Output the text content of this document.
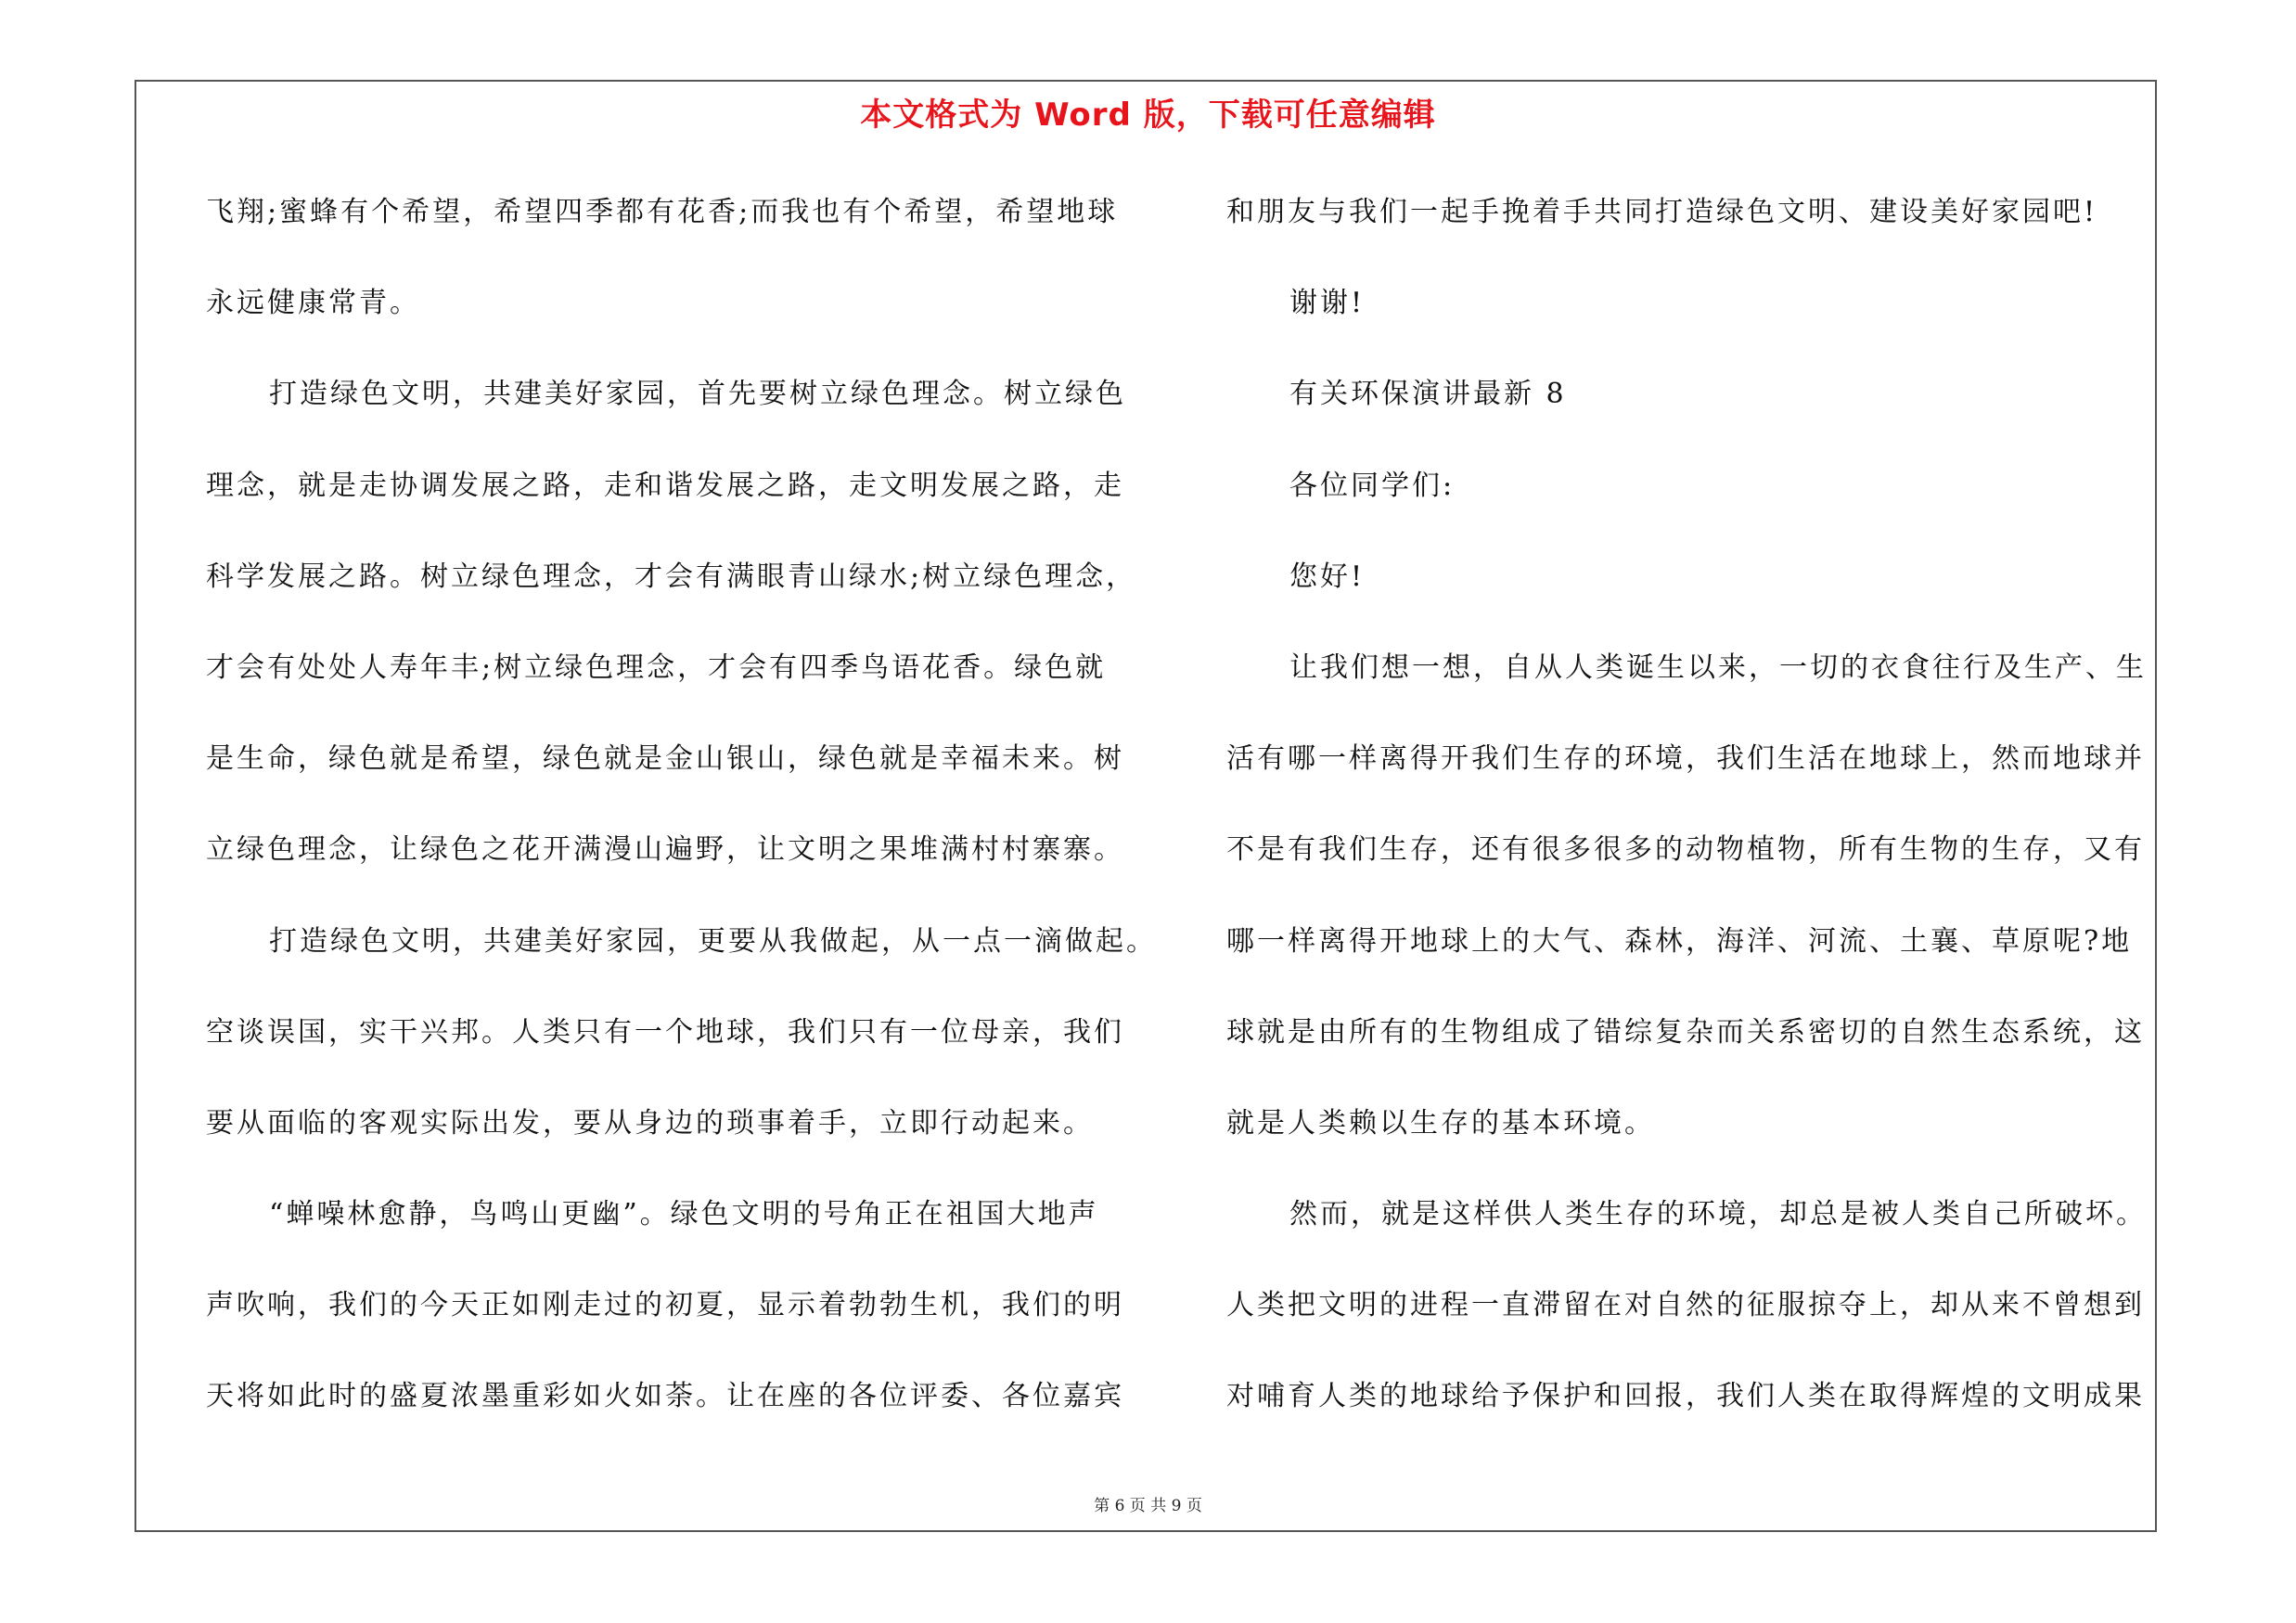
本文格式为 Word 版，下载可任意编辑
飞翔;蜜蜂有个希望，希望四季都有花香;而我也有个希望，希望地球
永远健康常青。
打造绿色文明，共建美好家园，首先要树立绿色理念。树立绿色
理念，就是走协调发展之路，走和谐发展之路，走文明发展之路，走
科学发展之路。树立绿色理念，才会有满眼青山绿水;树立绿色理念，
才会有处处人寿年丰;树立绿色理念，才会有四季鸟语花香。绿色就
是生命，绿色就是希望，绿色就是金山银山，绿色就是幸福未来。树
立绿色理念，让绿色之花开满漫山遍野，让文明之果堆满村村寨寨。
打造绿色文明，共建美好家园，更要从我做起，从一点一滴做起。
空谈误国，实干兴邦。人类只有一个地球，我们只有一位母亲，我们
要从面临的客观实际出发，要从身边的琐事着手，立即行动起来。
“蝉噪林愈静，鸟鸣山更幽”。绿色文明的号角正在祖国大地声
声吹响，我们的今天正如刚走过的初夏，显示着勃勃生机，我们的明
天将如此时的盛夏浓墨重彩如火如荼。让在座的各位评委、各位嘉宾
和朋友与我们一起手挽着手共同打造绿色文明、建设美好家园吧!
谢谢!
有关环保演讲最新 8
各位同学们:
您好!
让我们想一想，自从人类诞生以来，一切的衣食往行及生产、生
活有哪一样离得开我们生存的环境，我们生活在地球上，然而地球并
不是有我们生存，还有很多很多的动物植物，所有生物的生存，又有
哪一样离得开地球上的大气、森林，海洋、河流、土襄、草原呢?地
球就是由所有的生物组成了错综复杂而关系密切的自然生态系统，这
就是人类赖以生存的基本环境。
然而，就是这样供人类生存的环境，却总是被人类自己所破坏。
人类把文明的进程一直滞留在对自然的征服掠夺上，却从来不曾想到
对哺育人类的地球给予保护和回报，我们人类在取得辉煌的文明成果
第 6 页 共 9 页
